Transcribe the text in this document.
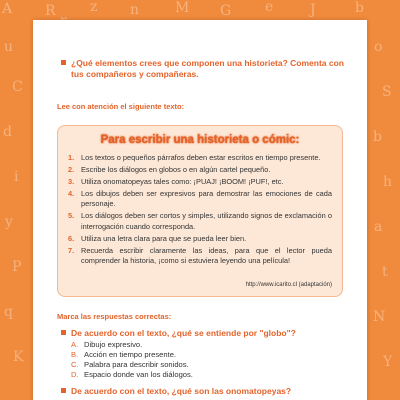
A R z n	M G e	J	b
u
C
d
i
y
P
q
K
o
S
b
h
a
t
N
Y
¿Qué elementos crees que componen una historieta? Comenta con tus compañeros y compañeras.
Lee con atención el siguiente texto:
Para escribir una historieta o cómic:
1. Los textos o pequeños párrafos deben estar escritos en tiempo presente.
2. Escribe los diálogos en globos o en algún cartel pequeño.
3. Utiliza onomatopeyas tales como: ¡PUAJ! ¡BOOM! ¡PUF!, etc.
4. Los dibujos deben ser expresivos para demostrar las emociones de cada personaje.
5. Los diálogos deben ser cortos y simples, utilizando signos de exclamación o interrogación cuando corresponda.
6. Utiliza una letra clara para que se pueda leer bien.
7. Recuerda escribir claramente las ideas, para que el lector pueda comprender la historia, ¡como si estuviera leyendo una película!
http://www.icarito.cl (adaptación)
Marca las respuestas correctas:
De acuerdo con el texto, ¿qué se entiende por "globo"?
A. Dibujo expresivo.
B. Acción en tiempo presente.
C. Palabra para describir sonidos.
D. Espacio donde van los diálogos.
De acuerdo con el texto, ¿qué son las onomatopeyas?
